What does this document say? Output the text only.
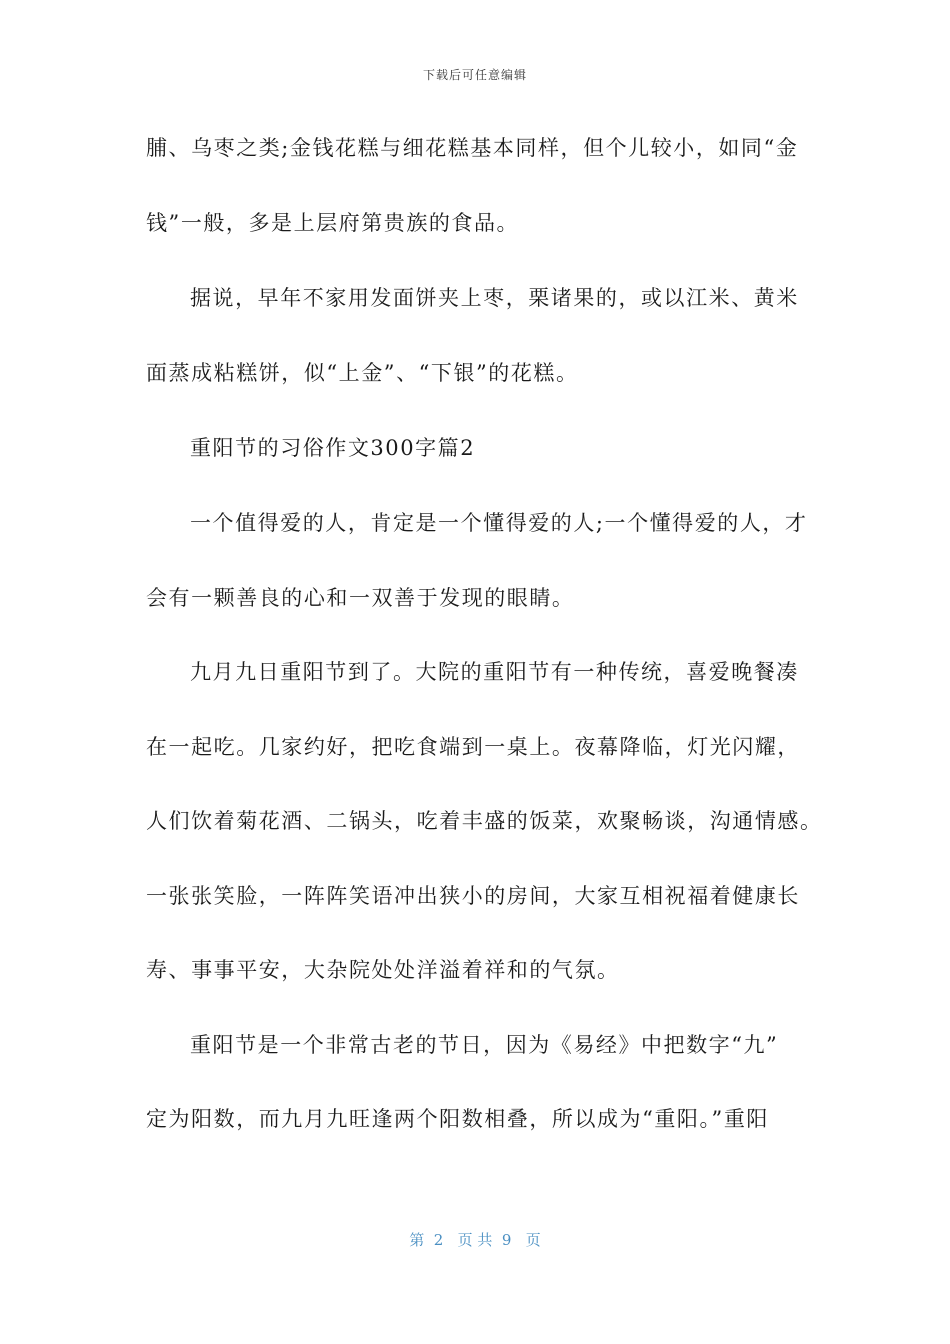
下载后可任意编辑
脯、乌枣之类;金钱花糕与细花糕基本同样，但个儿较小，如同“金
钱”一般，多是上层府第贵族的食品。
据说，早年不家用发面饼夹上枣，栗诸果的，或以江米、黄米
面蒸成粘糕饼，似“上金”、“下银”的花糕。
重阳节的习俗作文300字篇2
一个值得爱的人，肯定是一个懂得爱的人;一个懂得爱的人，才
会有一颗善良的心和一双善于发现的眼睛。
九月九日重阳节到了。大院的重阳节有一种传统，喜爱晚餐凑
在一起吃。几家约好，把吃食端到一桌上。夜幕降临，灯光闪耀，
人们饮着菊花酒、二锅头，吃着丰盛的饭菜，欢聚畅谈，沟通情感。
一张张笑脸，一阵阵笑语冲出狭小的房间，大家互相祝福着健康长
寿、事事平安，大杂院处处洋溢着祥和的气氛。
重阳节是一个非常古老的节日，因为《易经》中把数字“九”
定为阳数，而九月九旺逢两个阳数相叠，所以成为“重阳。”重阳
第  2   页 共  9   页
